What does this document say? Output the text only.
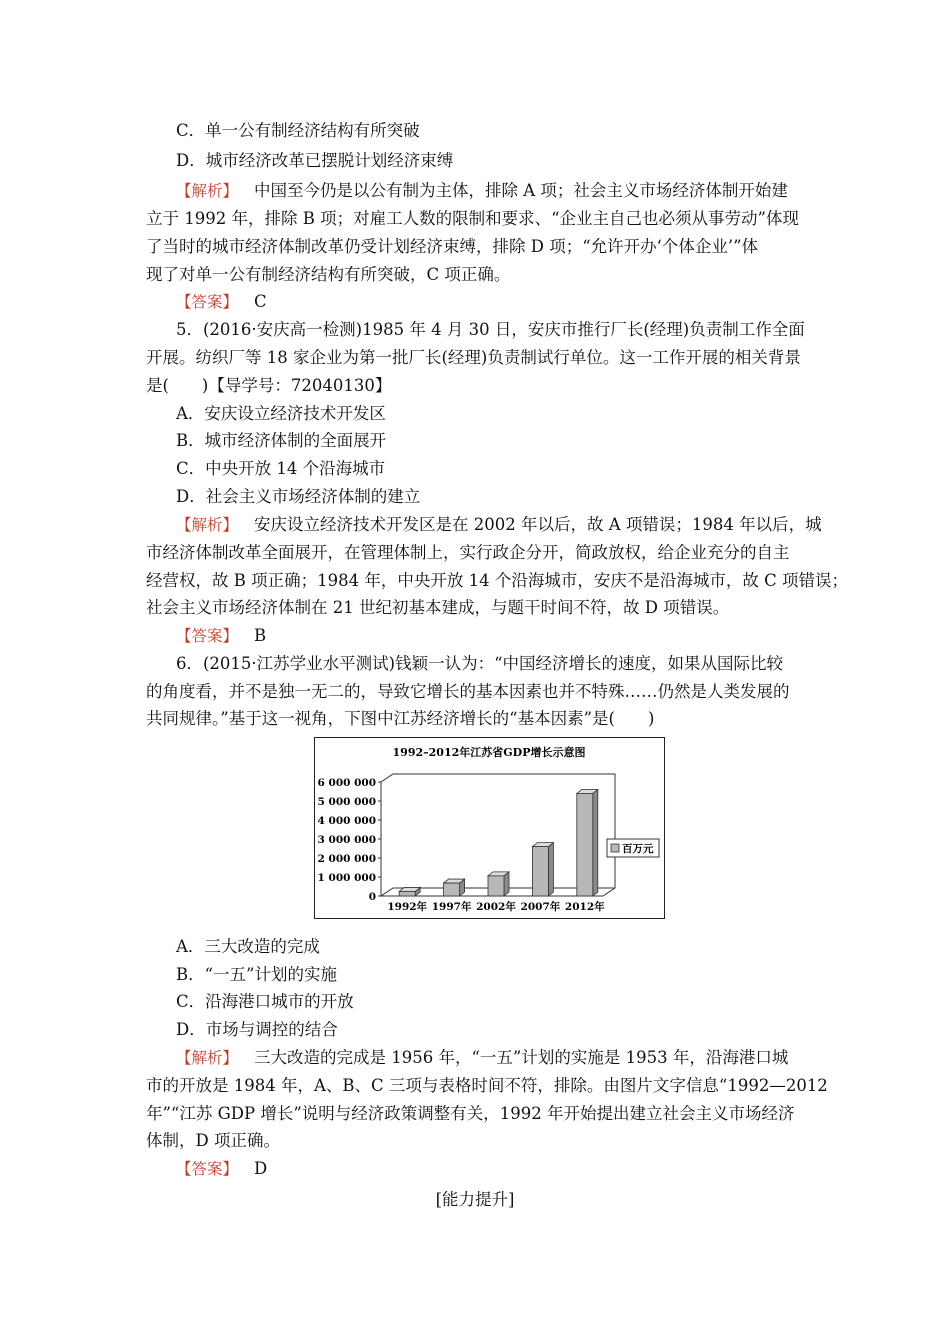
C．单一公有制经济结构有所突破
D．城市经济改革已摆脱计划经济束缚
【解析】 中国至今仍是以公有制为主体，排除 A 项；社会主义市场经济体制开始建
立于 1992 年，排除 B 项；对雇工人数的限制和要求、“企业主自己也必须从事劳动”体现
了当时的城市经济体制改革仍受计划经济束缚，排除 D 项；“允许开办‘个体企业’”体
现了对单一公有制经济结构有所突破，C 项正确。
【答案】 C
5．(2016·安庆高一检测)1985 年 4 月 30 日，安庆市推行厂长(经理)负责制工作全面
开展。纺织厂等 18 家企业为第一批厂长(经理)负责制试行单位。这一工作开展的相关背景
是(　　)【导学号：72040130】
A．安庆设立经济技术开发区
B．城市经济体制的全面展开
C．中央开放 14 个沿海城市
D．社会主义市场经济体制的建立
【解析】 安庆设立经济技术开发区是在 2002 年以后，故 A 项错误；1984 年以后，城
市经济体制改革全面展开，在管理体制上，实行政企分开，简政放权，给企业充分的自主
经营权，故 B 项正确；1984 年，中央开放 14 个沿海城市，安庆不是沿海城市，故 C 项错误；
社会主义市场经济体制在 21 世纪初基本建成，与题干时间不符，故 D 项错误。
【答案】 B
6．(2015·江苏学业水平测试)钱颖一认为：“中国经济增长的速度，如果从国际比较
的角度看，并不是独一无二的，导致它增长的基本因素也并不特殊……仍然是人类发展的
共同规律。”基于这一视角，下图中江苏经济增长的“基本因素”是(　　)
1992–2012年江苏省GDP增长示意图
6 000 000
5 000 000
4 000 000
3 000 000
2 000 000
1 000 000
0
1992年 1997年 2002年 2007年 2012年
百万元
A．三大改造的完成
B．“一五”计划的实施
C．沿海港口城市的开放
D．市场与调控的结合
【解析】 三大改造的完成是 1956 年，“一五”计划的实施是 1953 年，沿海港口城
市的开放是 1984 年，A、B、C 三项与表格时间不符，排除。由图片文字信息“1992—2012
年”“江苏 GDP 增长”说明与经济政策调整有关，1992 年开始提出建立社会主义市场经济
体制，D 项正确。
【答案】 D
[能力提升]
